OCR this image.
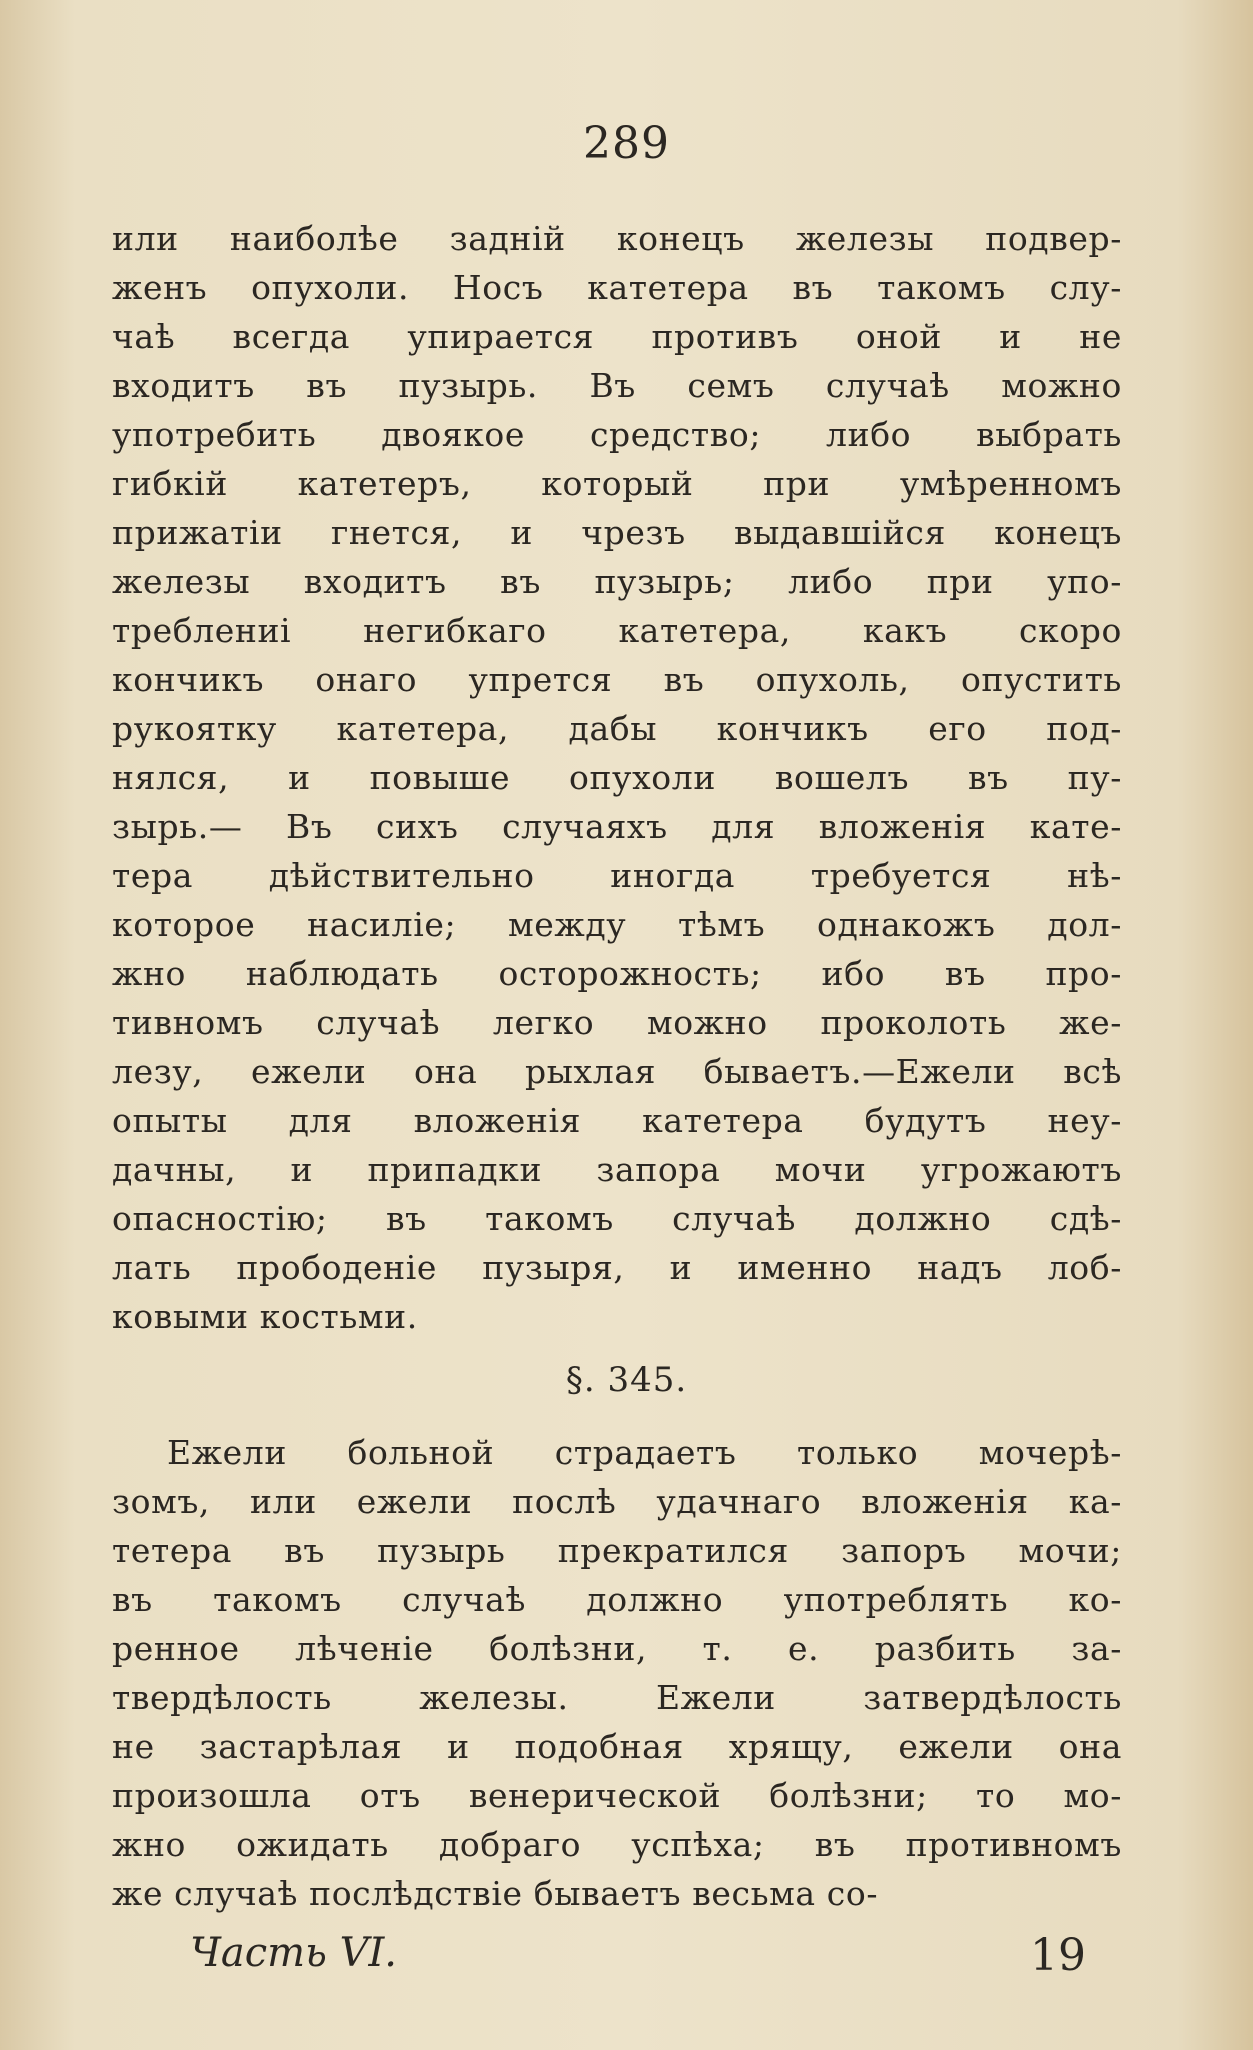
289
или наиболѣе заднiй конецъ железы подвер-
женъ опухоли. Носъ катетера въ такомъ слу-
чаѣ всегда упирается противъ оной и не
входитъ въ пузырь. Въ семъ случаѣ можно
употребить двоякое средство; либо выбрать
гибкiй катетеръ, который при умѣренномъ
прижатiи гнется, и чрезъ выдавшiйся конецъ
железы входитъ въ пузырь; либо при упо-
треблениi негибкаго катетера, какъ скоро
кончикъ онаго упрется въ опухоль, опустить
рукоятку катетера, дабы кончикъ его под-
нялся, и повыше опухоли вошелъ въ пу-
зырь.— Въ сихъ случаяхъ для вложенiя кате-
тера дѣйствительно иногда требуется нѣ-
которое насилiе; между тѣмъ однакожъ дол-
жно наблюдать осторожность; ибо въ про-
тивномъ случаѣ легко можно проколоть же-
лезу, ежели она рыхлая бываетъ.—Ежели всѣ
опыты для вложенiя катетера будутъ неу-
дачны, и припадки запора мочи угрожаютъ
опасностiю; въ такомъ случаѣ должно сдѣ-
лать прободенiе пузыря, и именно надъ лоб-
ковыми костьми.
§. 345.
Ежели больной страдаетъ только мочерѣ-
зомъ, или ежели послѣ удачнаго вложенiя ка-
тетера въ пузырь прекратился запоръ мочи;
въ такомъ случаѣ должно употреблять ко-
ренное лѣченiе болѣзни, т. е. разбить за-
твердѣлость железы. Ежели затвердѣлость
не застарѣлая и подобная хрящу, ежели она
произошла отъ венерической болѣзни; то мо-
жно ожидать добраго успѣха; въ противномъ
же случаѣ послѣдствiе бываетъ весьма со-
Часть VI.	19
